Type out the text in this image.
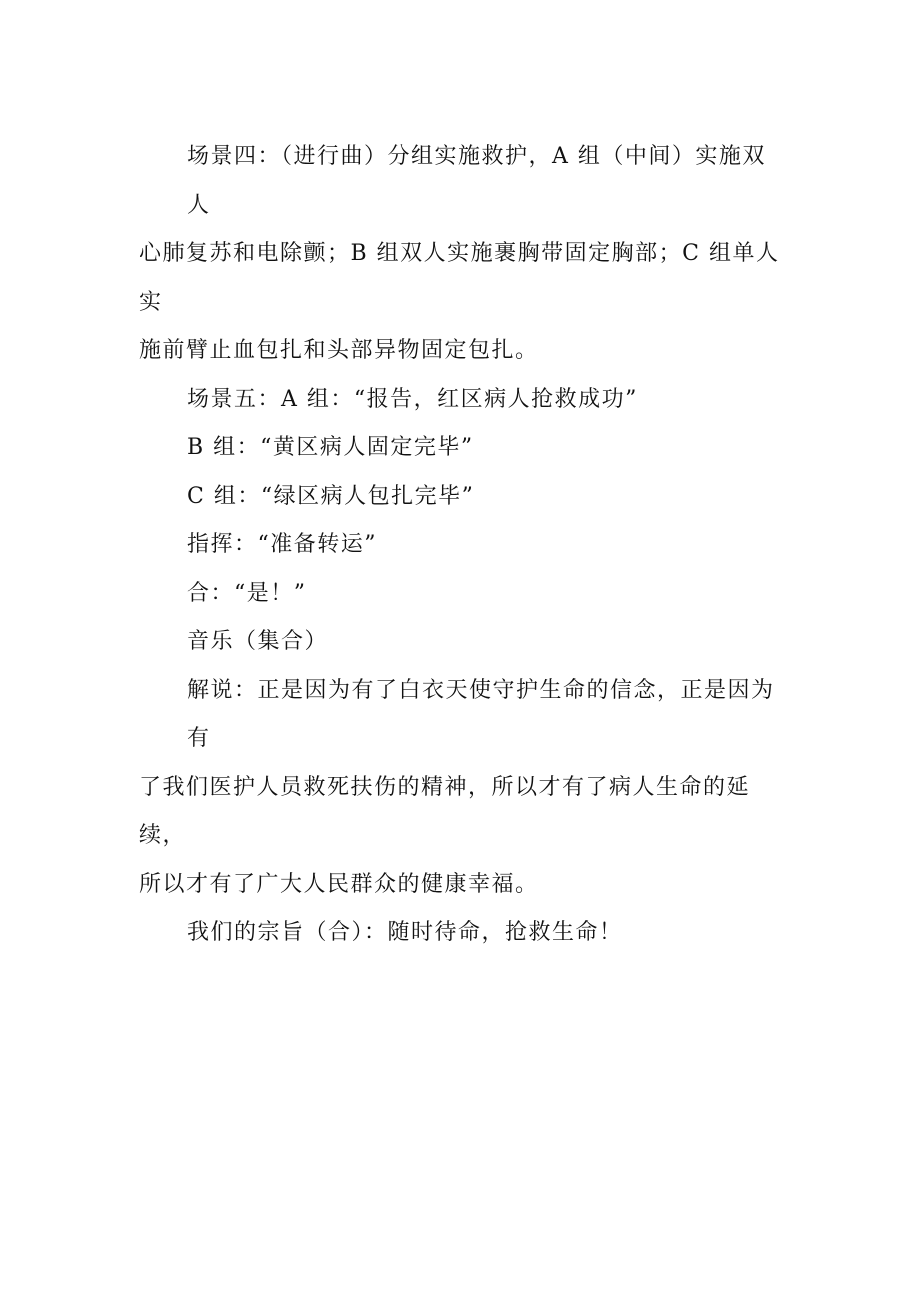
场景四：（进行曲）分组实施救护，A 组（中间）实施双人
心肺复苏和电除颤；B 组双人实施裹胸带固定胸部；C 组单人实
施前臂止血包扎和头部异物固定包扎。
场景五：A 组：“报告，红区病人抢救成功”
B 组：“黄区病人固定完毕”
C 组：“绿区病人包扎完毕”
指挥：“准备转运”
合：“是！”
音乐（集合）
解说：正是因为有了白衣天使守护生命的信念，正是因为有
了我们医护人员救死扶伤的精神，所以才有了病人生命的延续，
所以才有了广大人民群众的健康幸福。
我们的宗旨（合）：随时待命，抢救生命！
